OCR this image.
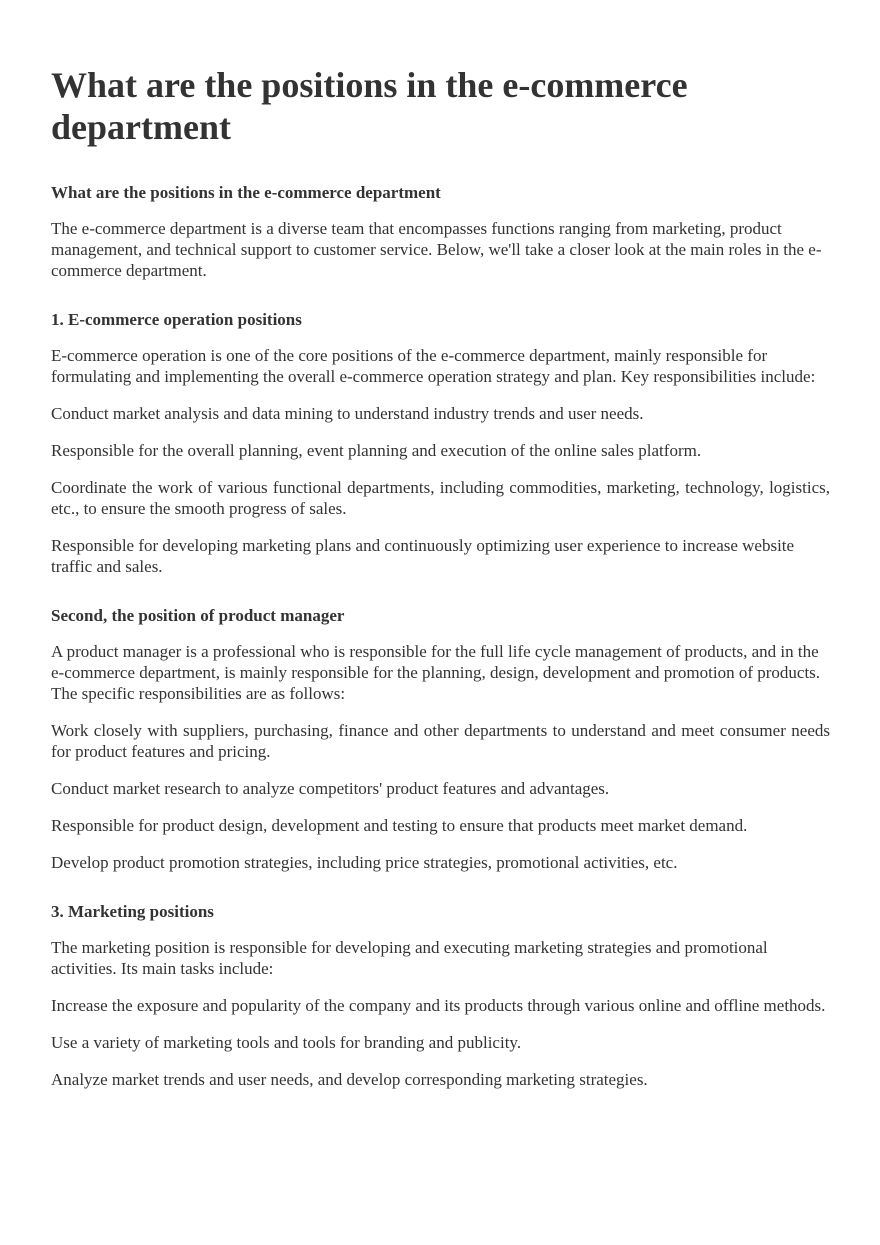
What are the positions in the e-commerce department
What are the positions in the e-commerce department

The e-commerce department is a diverse team that encompasses functions ranging from marketing, product management, and technical support to customer service. Below, we'll take a closer look at the main roles in the e-commerce department.

1. E-commerce operation positions

E-commerce operation is one of the core positions of the e-commerce department, mainly responsible for formulating and implementing the overall e-commerce operation strategy and plan. Key responsibilities include:

Conduct market analysis and data mining to understand industry trends and user needs.

Responsible for the overall planning, event planning and execution of the online sales platform.

Coordinate the work of various functional departments, including commodities, marketing, technology, logistics, etc., to ensure the smooth progress of sales.

Responsible for developing marketing plans and continuously optimizing user experience to increase website traffic and sales.

Second, the position of product manager

A product manager is a professional who is responsible for the full life cycle management of products, and in the e-commerce department, is mainly responsible for the planning, design, development and promotion of products. The specific responsibilities are as follows:

Work closely with suppliers, purchasing, finance and other departments to understand and meet consumer needs for product features and pricing.

Conduct market research to analyze competitors' product features and advantages.

Responsible for product design, development and testing to ensure that products meet market demand.

Develop product promotion strategies, including price strategies, promotional activities, etc.

3. Marketing positions

The marketing position is responsible for developing and executing marketing strategies and promotional activities. Its main tasks include:

Increase the exposure and popularity of the company and its products through various online and offline methods.

Use a variety of marketing tools and tools for branding and publicity.

Analyze market trends and user needs, and develop corresponding marketing strategies.
